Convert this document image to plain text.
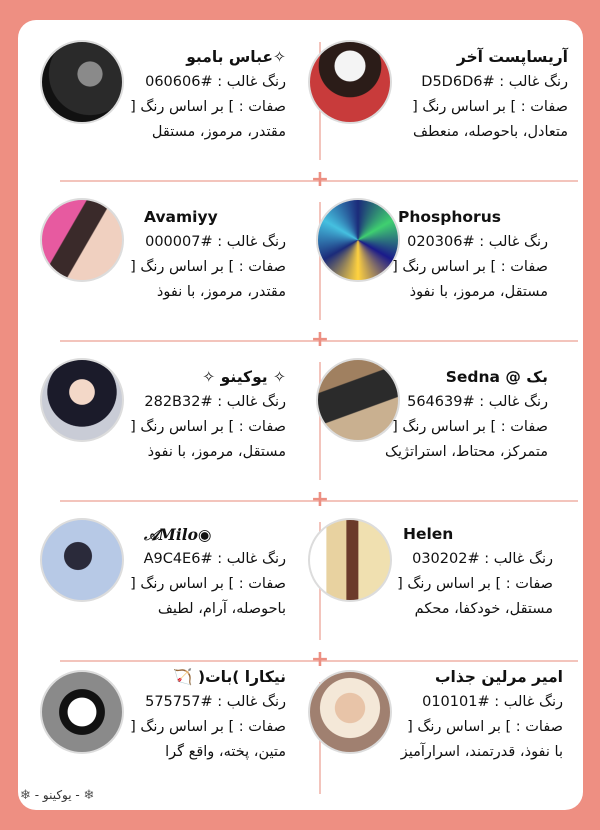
+
+
+
+
آریساپست آخر
رنگ غالب : #D5D6D6
صفات : ] بر اساس رنگ [
متعادل، باحوصله، منعطف
✧عباس بامبو
رنگ غالب : #060606
صفات : ] بر اساس رنگ [
مقتدر، مرموز، مستقل
Phosphorus
رنگ غالب : #020306
صفات : ] بر اساس رنگ [
مستقل، مرموز، با نفوذ
Avamiyy
رنگ غالب : #000007
صفات : ] بر اساس رنگ [
مقتدر، مرموز، با نفوذ
بک @ Sedna
رنگ غالب : #564639
صفات : ] بر اساس رنگ [
متمرکز، محتاط، استراتژیک
✧ یوکینو ✧
رنگ غالب : #282B32
صفات : ] بر اساس رنگ [
مستقل، مرموز، با نفوذ
Helen
رنگ غالب : #030202
صفات : ] بر اساس رنگ [
مستقل، خودکفا، محکم
𝒜Milo◉
رنگ غالب : #A9C4E6
صفات : ] بر اساس رنگ [
باحوصله، آرام، لطیف
امیر مرلین جذاب
رنگ غالب : #010101
صفات : ] بر اساس رنگ [
با نفوذ، قدرتمند، اسرارآمیز
نیکارا )بات( 🏹
رنگ غالب : #575757
صفات : ] بر اساس رنگ [
متین، پخته، واقع گرا
❄ - یوکینو - ❄
